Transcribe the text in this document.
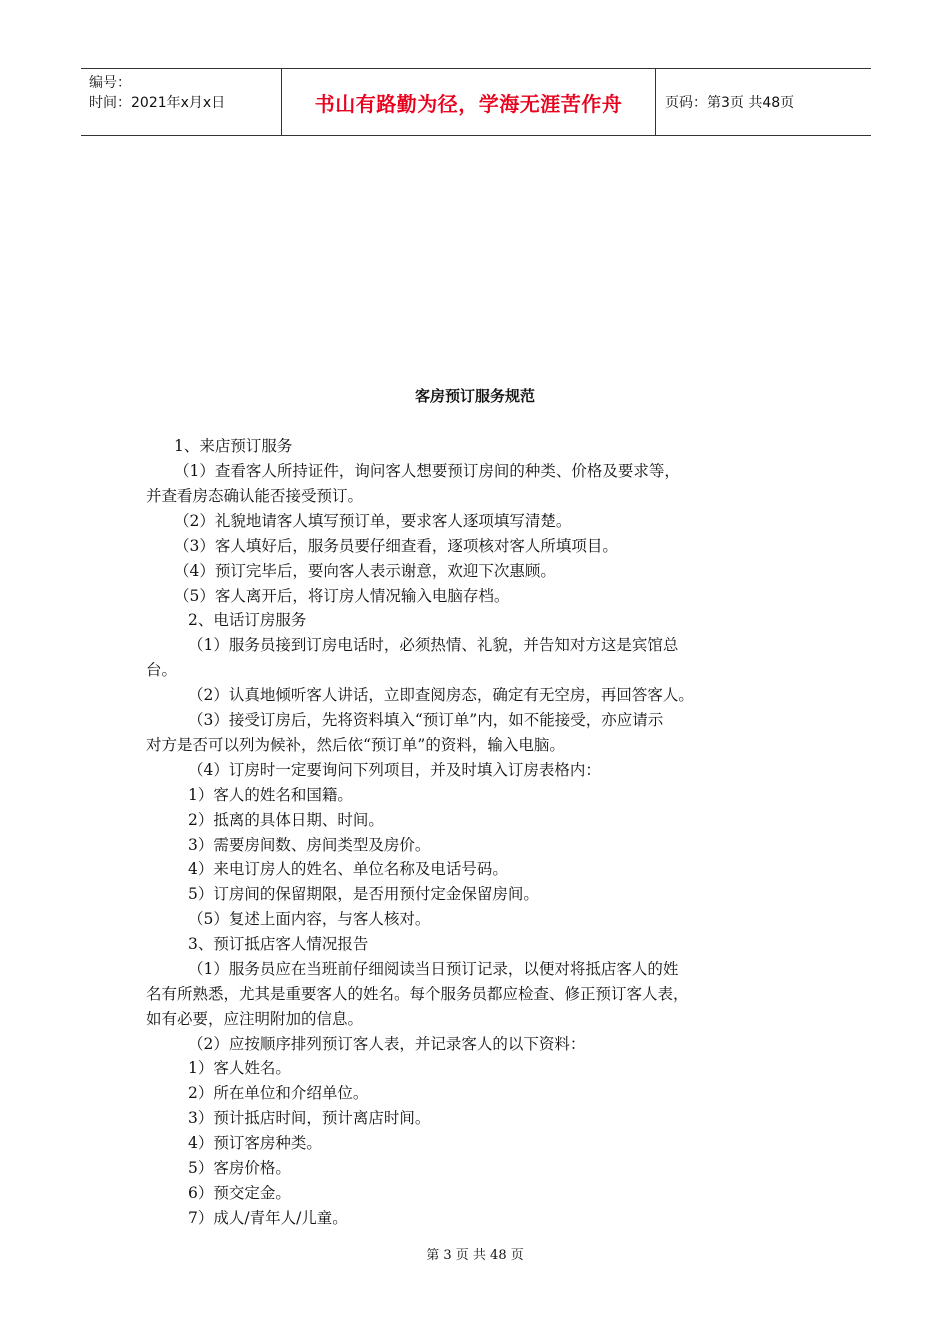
编号：
时间：2021年x月x日	书山有路勤为径，学海无涯苦作舟	页码：第3页 共48页
客房预订服务规范
1、来店预订服务
（1）查看客人所持证件，询问客人想要预订房间的种类、价格及要求等，
并查看房态确认能否接受预订。
（2）礼貌地请客人填写预订单，要求客人逐项填写清楚。
（3）客人填好后，服务员要仔细查看，逐项核对客人所填项目。
（4）预订完毕后，要向客人表示谢意，欢迎下次惠顾。
（5）客人离开后，将订房人情况输入电脑存档。
2、电话订房服务
（1）服务员接到订房电话时，必须热情、礼貌，并告知对方这是宾馆总
台。
（2）认真地倾听客人讲话，立即查阅房态，确定有无空房，再回答客人。
（3）接受订房后，先将资料填入“预订单”内，如不能接受，亦应请示
对方是否可以列为候补，然后依“预订单”的资料，输入电脑。
（4）订房时一定要询问下列项目，并及时填入订房表格内：
1）客人的姓名和国籍。
2）抵离的具体日期、时间。
3）需要房间数、房间类型及房价。
4）来电订房人的姓名、单位名称及电话号码。
5）订房间的保留期限，是否用预付定金保留房间。
（5）复述上面内容，与客人核对。
3、预订抵店客人情况报告
（1）服务员应在当班前仔细阅读当日预订记录，以便对将抵店客人的姓
名有所熟悉，尤其是重要客人的姓名。每个服务员都应检查、修正预订客人表，
如有必要，应注明附加的信息。
（2）应按顺序排列预订客人表，并记录客人的以下资料：
1）客人姓名。
2）所在单位和介绍单位。
3）预计抵店时间，预计离店时间。
4）预订客房种类。
5）客房价格。
6）预交定金。
7）成人/青年人/儿童。
第 3 页 共 48 页
